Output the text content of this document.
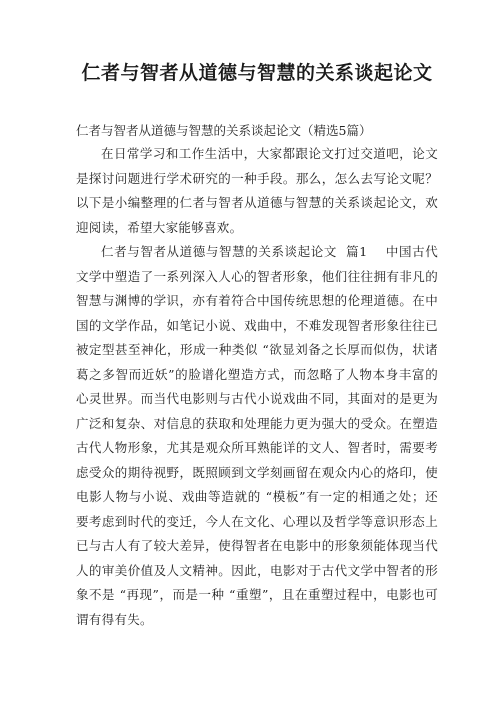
仁者与智者从道德与智慧的关系谈起论文

仁者与智者从道德与智慧的关系谈起论文（精选5篇）

在日常学习和工作生活中，大家都跟论文打过交道吧，论文是探讨问题进行学术研究的一种手段。那么，怎么去写论文呢？以下是小编整理的仁者与智者从道德与智慧的关系谈起论文，欢迎阅读，希望大家能够喜欢。

仁者与智者从道德与智慧的关系谈起论文  篇1    中国古代文学中塑造了一系列深入人心的智者形象，他们往往拥有非凡的智慧与渊博的学识，亦有着符合中国传统思想的伦理道德。在中国的文学作品，如笔记小说、戏曲中，不难发现智者形象往往已被定型甚至神化，形成一种类似 “欲显刘备之长厚而似伪，状诸葛之多智而近妖”的脸谱化塑造方式，而忽略了人物本身丰富的心灵世界。而当代电影则与古代小说戏曲不同，其面对的是更为广泛和复杂、对信息的获取和处理能力更为强大的受众。在塑造古代人物形象，尤其是观众所耳熟能详的文人、智者时，需要考虑受众的期待视野，既照顾到文学刻画留在观众内心的烙印，使电影人物与小说、戏曲等造就的 “模板”有一定的相通之处；还要考虑到时代的变迁，今人在文化、心理以及哲学等意识形态上已与古人有了较大差异，使得智者在电影中的形象须能体现当代人的审美价值及人文精神。因此，电影对于古代文学中智者的形象不是 “再现”，而是一种 “重塑”，且在重塑过程中，电影也可谓有得有失。
